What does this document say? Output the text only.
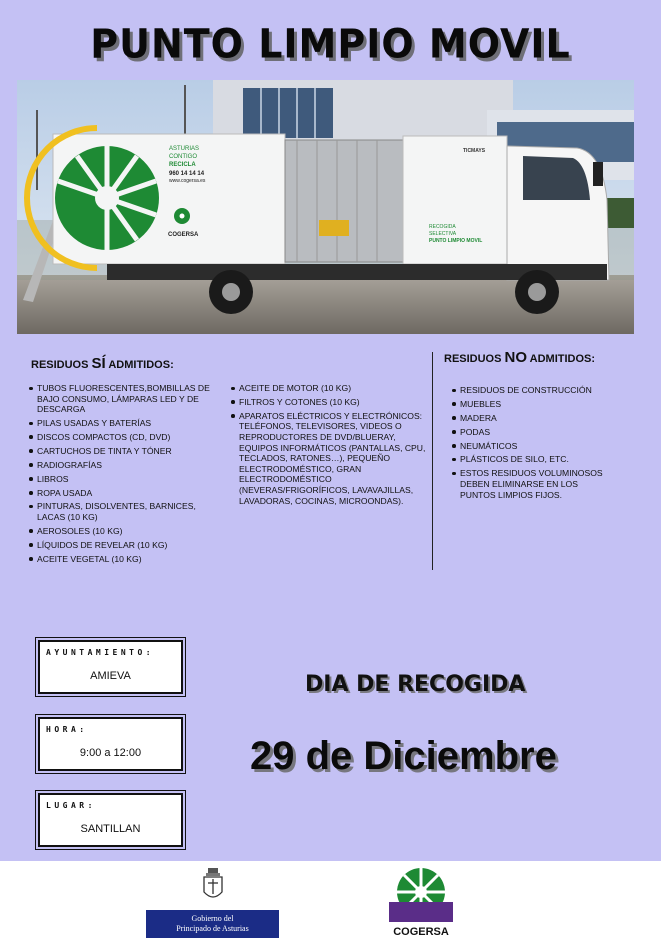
PUNTO LIMPIO MOVIL
ASTURIAS
CONTIGO
RECICLA
960 14 14 14
www.cogersa.es
COGERSA
RECOGIDA
SELECTIVA
PUNTO LIMPIO MOVIL
TICMAYS
RESIDUOS SÍ ADMITIDOS:
TUBOS FLUORESCENTES,BOMBILLAS DE BAJO CONSUMO, LÁMPARAS LED Y DE DESCARGA
PILAS USADAS Y BATERÍAS
DISCOS COMPACTOS (CD, DVD)
CARTUCHOS DE TINTA Y TÓNER
RADIOGRAFÍAS
LIBROS
ROPA USADA
PINTURAS, DISOLVENTES, BARNICES, LACAS (10 KG)
AEROSOLES (10 KG)
LÍQUIDOS DE REVELAR (10 KG)
ACEITE VEGETAL (10 KG)
ACEITE DE MOTOR (10 KG)
FILTROS Y COTONES (10 KG)
APARATOS ELÉCTRICOS Y ELECTRÓNICOS: TELÉFONOS, TELEVISORES, VIDEOS O REPRODUCTORES DE DVD/BLUERAY, EQUIPOS INFORMÁTICOS (PANTALLAS, CPU, TECLADOS, RATONES…), PEQUEÑO ELECTRODOMÉSTICO, GRAN ELECTRODOMÉSTICO (NEVERAS/FRIGORÍFICOS, LAVAVAJILLAS, LAVADORAS, COCINAS, MICROONDAS).
RESIDUOS NO ADMITIDOS:
RESIDUOS DE CONSTRUCCIÓN
MUEBLES
MADERA
PODAS
NEUMÁTICOS
PLÁSTICOS DE SILO, ETC.
ESTOS RESIDUOS VOLUMINOSOS DEBEN ELIMINARSE EN LOS PUNTOS LIMPIOS FIJOS.
AYUNTAMIENTO:
AMIEVA
HORA:
9:00 a 12:00
LUGAR:
SANTILLAN
DIA DE RECOGIDA
29 de Diciembre
Gobierno del
Principado de Asturias	COGERSA
